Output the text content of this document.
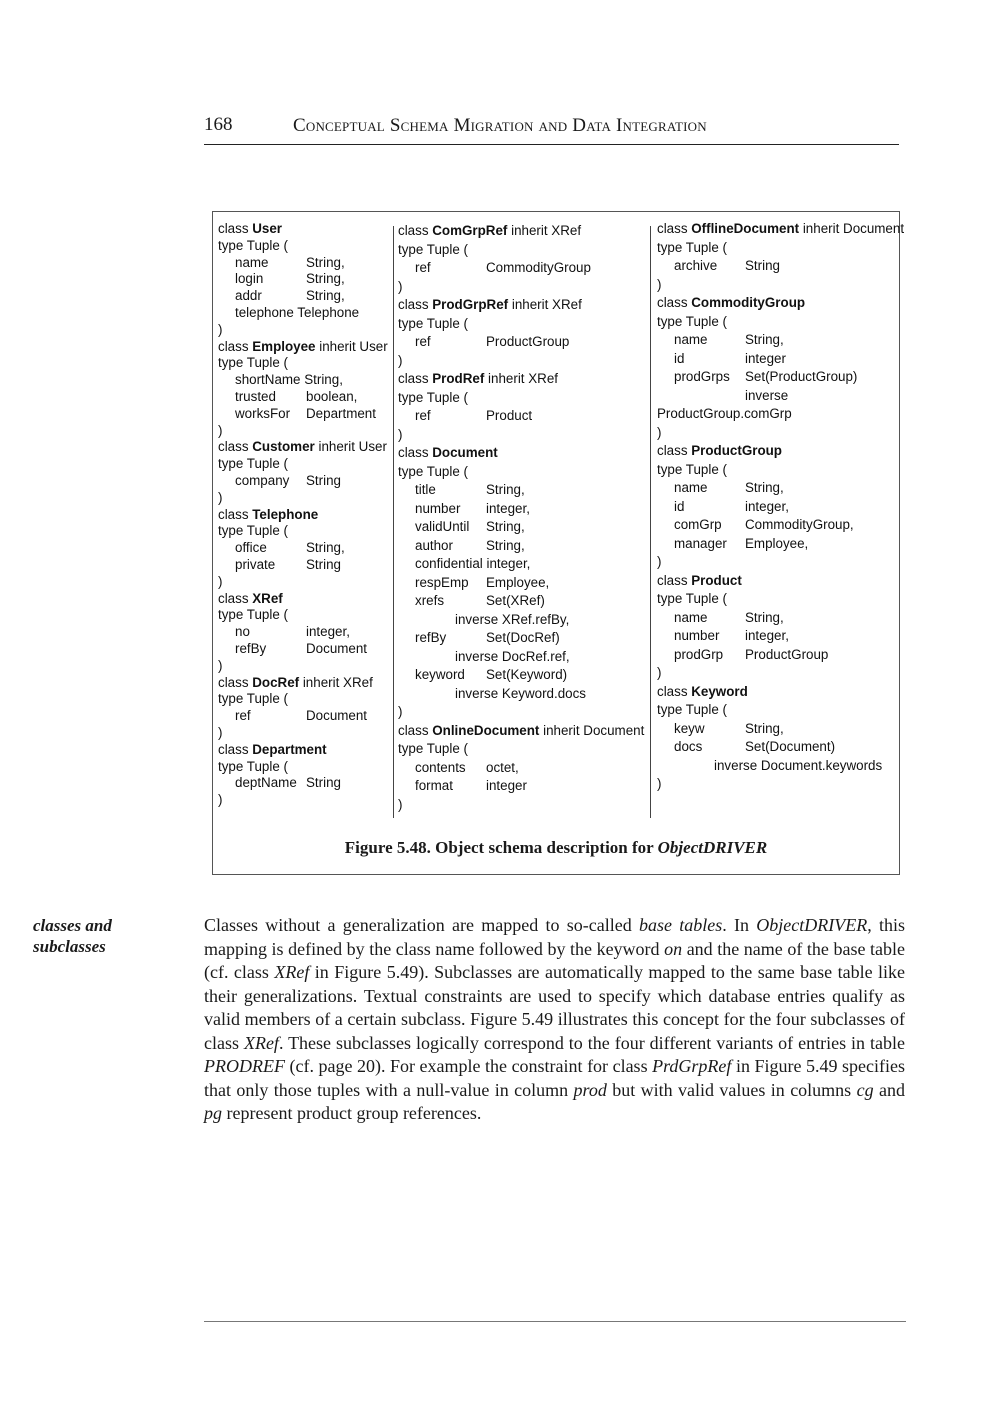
168	Conceptual Schema Migration and Data Integration
class User
type Tuple (
name	String,
login	String,
addr	String,
telephone Telephone
)
class Employee inherit User
type Tuple (
shortName String,
trusted boolean,
worksFor Department
)
class Customer inherit User
type Tuple (
company String
)
class Telephone
type Tuple (
office	String,
private String
)
class XRef
type Tuple (
no	integer,
refBy	Document
)
class DocRef inherit XRef
type Tuple (
ref	Document
)
class Department
type Tuple (
deptName String
)
class ComGrpRef inherit XRef
type Tuple (
ref	CommodityGroup
)
class ProdGrpRef inherit XRef
type Tuple (
ref	ProductGroup
)
class ProdRef inherit XRef
type Tuple (
ref	Product
)
class Document
type Tuple (
title	String,
number integer,
validUntil String,
author String,
confidential integer,
respEmp Employee,
xrefs	Set(XRef)
inverse XRef.refBy,
refBy	Set(DocRef)
inverse DocRef.ref,
keyword Set(Keyword)
inverse Keyword.docs
)
class OnlineDocument inherit Document
type Tuple (
contents octet,
format integer
)
class OfflineDocument inherit Document
type Tuple (
archive String
)
class CommodityGroup
type Tuple (
name	String,
id	integer
prodGrps Set(ProductGroup)
inverse
ProductGroup.comGrp
)
class ProductGroup
type Tuple (
name	String,
id	integer,
comGrp CommodityGroup,
manager Employee,
)
class Product
type Tuple (
name	String,
number integer,
prodGrp ProductGroup
)
class Keyword
type Tuple (
keyw	String,
docs	Set(Document)
inverse Document.keywords
)
Figure 5.48. Object schema description for ObjectDRIVER
classes and
subclasses
Classes without a generalization are mapped to so-called base tables. In ObjectDRIVER, this mapping is defined by the class name followed by the keyword on and the name of the base table (cf. class XRef in Figure 5.49). Subclasses are automatically mapped to the same base table like their generalizations. Textual constraints are used to specify which database entries qualify as valid members of a certain subclass. Figure 5.49 illustrates this concept for the four subclasses of class XRef. These subclasses logically correspond to the four different variants of entries in table PRODREF (cf. page 20). For example the constraint for class PrdGrpRef in Figure 5.49 specifies that only those tuples with a null-value in column prod but with valid values in columns cg and pg represent product group references.
